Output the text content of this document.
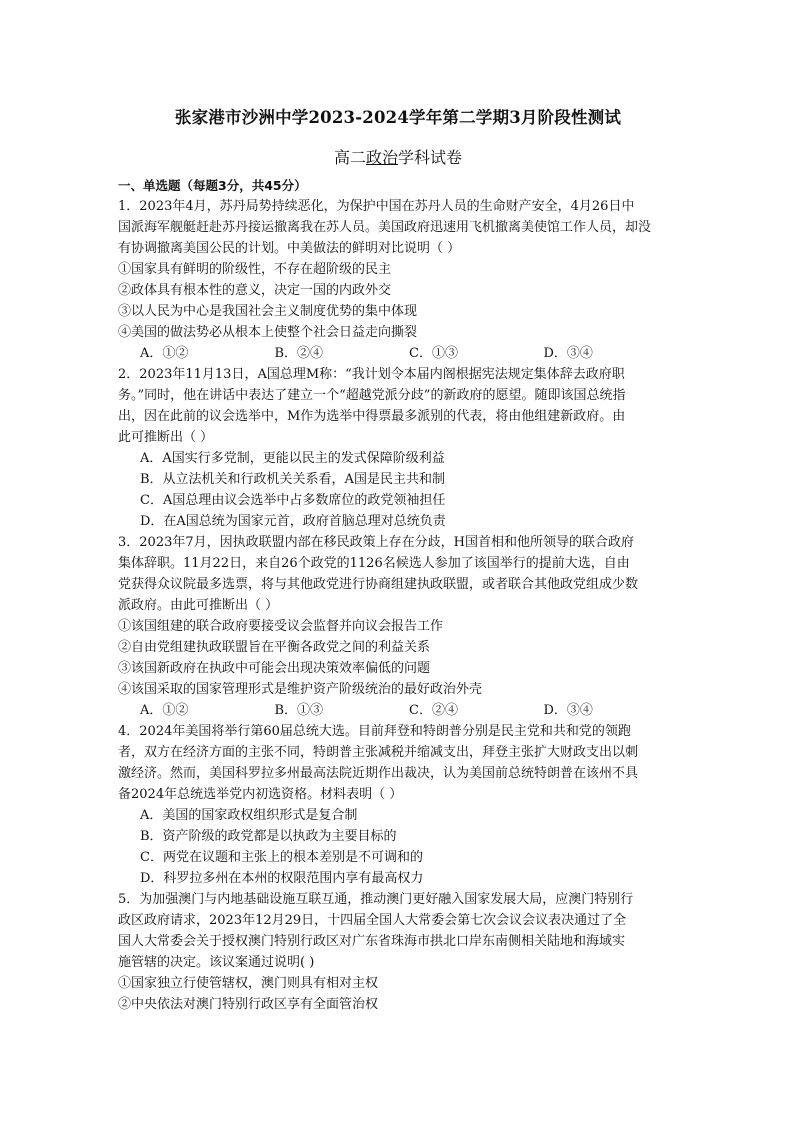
张家港市沙洲中学2023-2024学年第二学期3月阶段性测试
高二政治学科试卷

一、单选题（每题3分，共45分）

1．2023年4月，苏丹局势持续恶化，为保护中国在苏丹人员的生命财产安全，4月26日中

国派海军舰艇赶赴苏丹接运撤离我在苏人员。美国政府迅速用飞机撤离美使馆工作人员，却没

有协调撤离美国公民的计划。中美做法的鲜明对比说明（ ）

①国家具有鲜明的阶级性，不存在超阶级的民主

②政体具有根本性的意义，决定一国的内政外交

③以人民为中心是我国社会主义制度优势的集中体现

④美国的做法势必从根本上使整个社会日益走向撕裂

A．①②	B．②④	C．①③	D．③④

2．2023年11月13日，A国总理M称：“我计划令本届内阁根据宪法规定集体辞去政府职

务。”同时，他在讲话中表达了建立一个“超越党派分歧”的新政府的愿望。随即该国总统指

出，因在此前的议会选举中，M作为选举中得票最多派别的代表，将由他组建新政府。由

此可推断出（ ）

A．A国实行多党制，更能以民主的发式保障阶级利益

B．从立法机关和行政机关关系看，A国是民主共和制

C．A国总理由议会选举中占多数席位的政党领袖担任

D．在A国总统为国家元首，政府首脑总理对总统负责

3．2023年7月，因执政联盟内部在移民政策上存在分歧，H国首相和他所领导的联合政府

集体辞职。11月22日，来自26个政党的1126名候选人参加了该国举行的提前大选，自由

党获得众议院最多选票，将与其他政党进行协商组建执政联盟，或者联合其他政党组成少数

派政府。由此可推断出（ ）

①该国组建的联合政府要接受议会监督并向议会报告工作

②自由党组建执政联盟旨在平衡各政党之间的利益关系

③该国新政府在执政中可能会出现决策效率偏低的问题

④该国采取的国家管理形式是维护资产阶级统治的最好政治外壳

A．①②	B．①③	C．②④	D．③④

4．2024年美国将举行第60届总统大选。目前拜登和特朗普分别是民主党和共和党的领跑

者，双方在经济方面的主张不同，特朗普主张减税并缩减支出，拜登主张扩大财政支出以刺

激经济。然而，美国科罗拉多州最高法院近期作出裁决，认为美国前总统特朗普在该州不具

备2024年总统选举党内初选资格。材料表明（ ）

A．美国的国家政权组织形式是复合制

B．资产阶级的政党都是以执政为主要目标的

C．两党在议题和主张上的根本差别是不可调和的

D．科罗拉多州在本州的权限范围内享有最高权力

5．为加强澳门与内地基础设施互联互通，推动澳门更好融入国家发展大局，应澳门特别行

政区政府请求，2023年12月29日，十四届全国人大常委会第七次会议会议表决通过了全

国人大常委会关于授权澳门特别行政区对广东省珠海市拱北口岸东南侧相关陆地和海域实

施管辖的决定。该议案通过说明( )

①国家独立行使管辖权，澳门则具有相对主权

②中央依法对澳门特别行政区享有全面管治权
